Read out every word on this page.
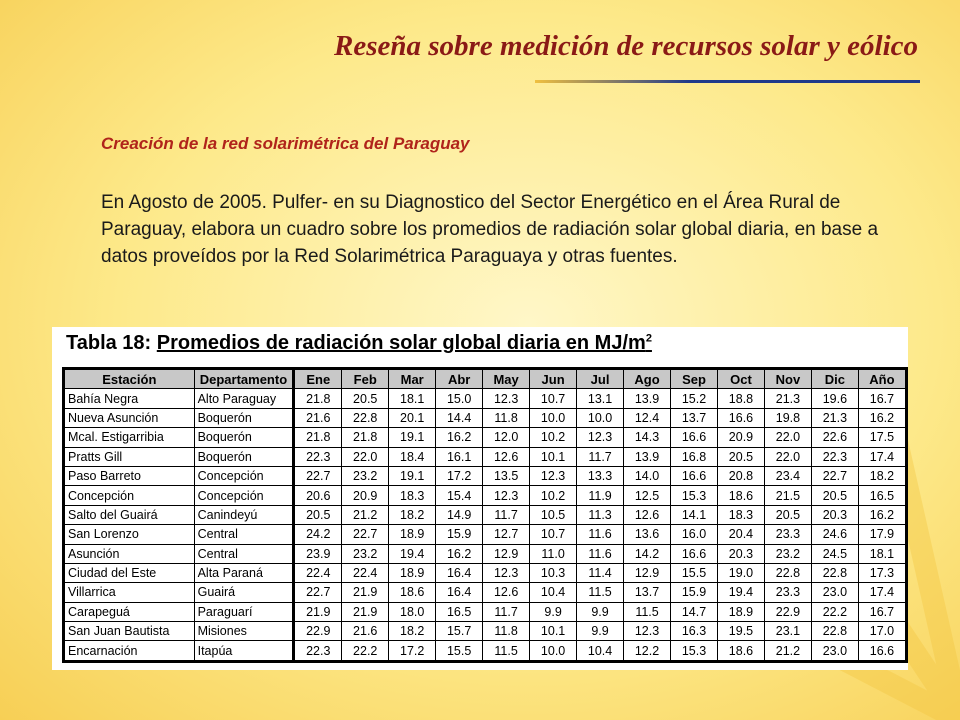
Reseña sobre medición de recursos solar y eólico
Creación de la red solarimétrica del Paraguay
En Agosto de 2005. Pulfer- en su Diagnostico del Sector Energético en el Área Rural de Paraguay, elabora un cuadro sobre los promedios de radiación solar global diaria, en base a datos proveídos por la Red Solarimétrica Paraguaya y otras fuentes.
Tabla 18: Promedios de radiación solar global diaria en $MJ/m^2$
Estación	Departamento	Ene	Feb	Mar	Abr	May	Jun	Jul	Ago	Sep	Oct	Nov	Dic	Año
Bahía Negra	Alto Paraguay	21.8	20.5	18.1	15.0	12.3	10.7	13.1	13.9	15.2	18.8	21.3	19.6	16.7
Nueva Asunción	Boquerón	21.6	22.8	20.1	14.4	11.8	10.0	10.0	12.4	13.7	16.6	19.8	21.3	16.2
Mcal. Estigarribia	Boquerón	21.8	21.8	19.1	16.2	12.0	10.2	12.3	14.3	16.6	20.9	22.0	22.6	17.5
Pratts Gill	Boquerón	22.3	22.0	18.4	16.1	12.6	10.1	11.7	13.9	16.8	20.5	22.0	22.3	17.4
Paso Barreto	Concepción	22.7	23.2	19.1	17.2	13.5	12.3	13.3	14.0	16.6	20.8	23.4	22.7	18.2
Concepción	Concepción	20.6	20.9	18.3	15.4	12.3	10.2	11.9	12.5	15.3	18.6	21.5	20.5	16.5
Salto del Guairá	Canindeyú	20.5	21.2	18.2	14.9	11.7	10.5	11.3	12.6	14.1	18.3	20.5	20.3	16.2
San Lorenzo	Central	24.2	22.7	18.9	15.9	12.7	10.7	11.6	13.6	16.0	20.4	23.3	24.6	17.9
Asunción	Central	23.9	23.2	19.4	16.2	12.9	11.0	11.6	14.2	16.6	20.3	23.2	24.5	18.1
Ciudad del Este	Alta Paraná	22.4	22.4	18.9	16.4	12.3	10.3	11.4	12.9	15.5	19.0	22.8	22.8	17.3
Villarrica	Guairá	22.7	21.9	18.6	16.4	12.6	10.4	11.5	13.7	15.9	19.4	23.3	23.0	17.4
Carapeguá	Paraguarí	21.9	21.9	18.0	16.5	11.7	9.9	9.9	11.5	14.7	18.9	22.9	22.2	16.7
San Juan Bautista	Misiones	22.9	21.6	18.2	15.7	11.8	10.1	9.9	12.3	16.3	19.5	23.1	22.8	17.0
Encarnación	Itapúa	22.3	22.2	17.2	15.5	11.5	10.0	10.4	12.2	15.3	18.6	21.2	23.0	16.6
